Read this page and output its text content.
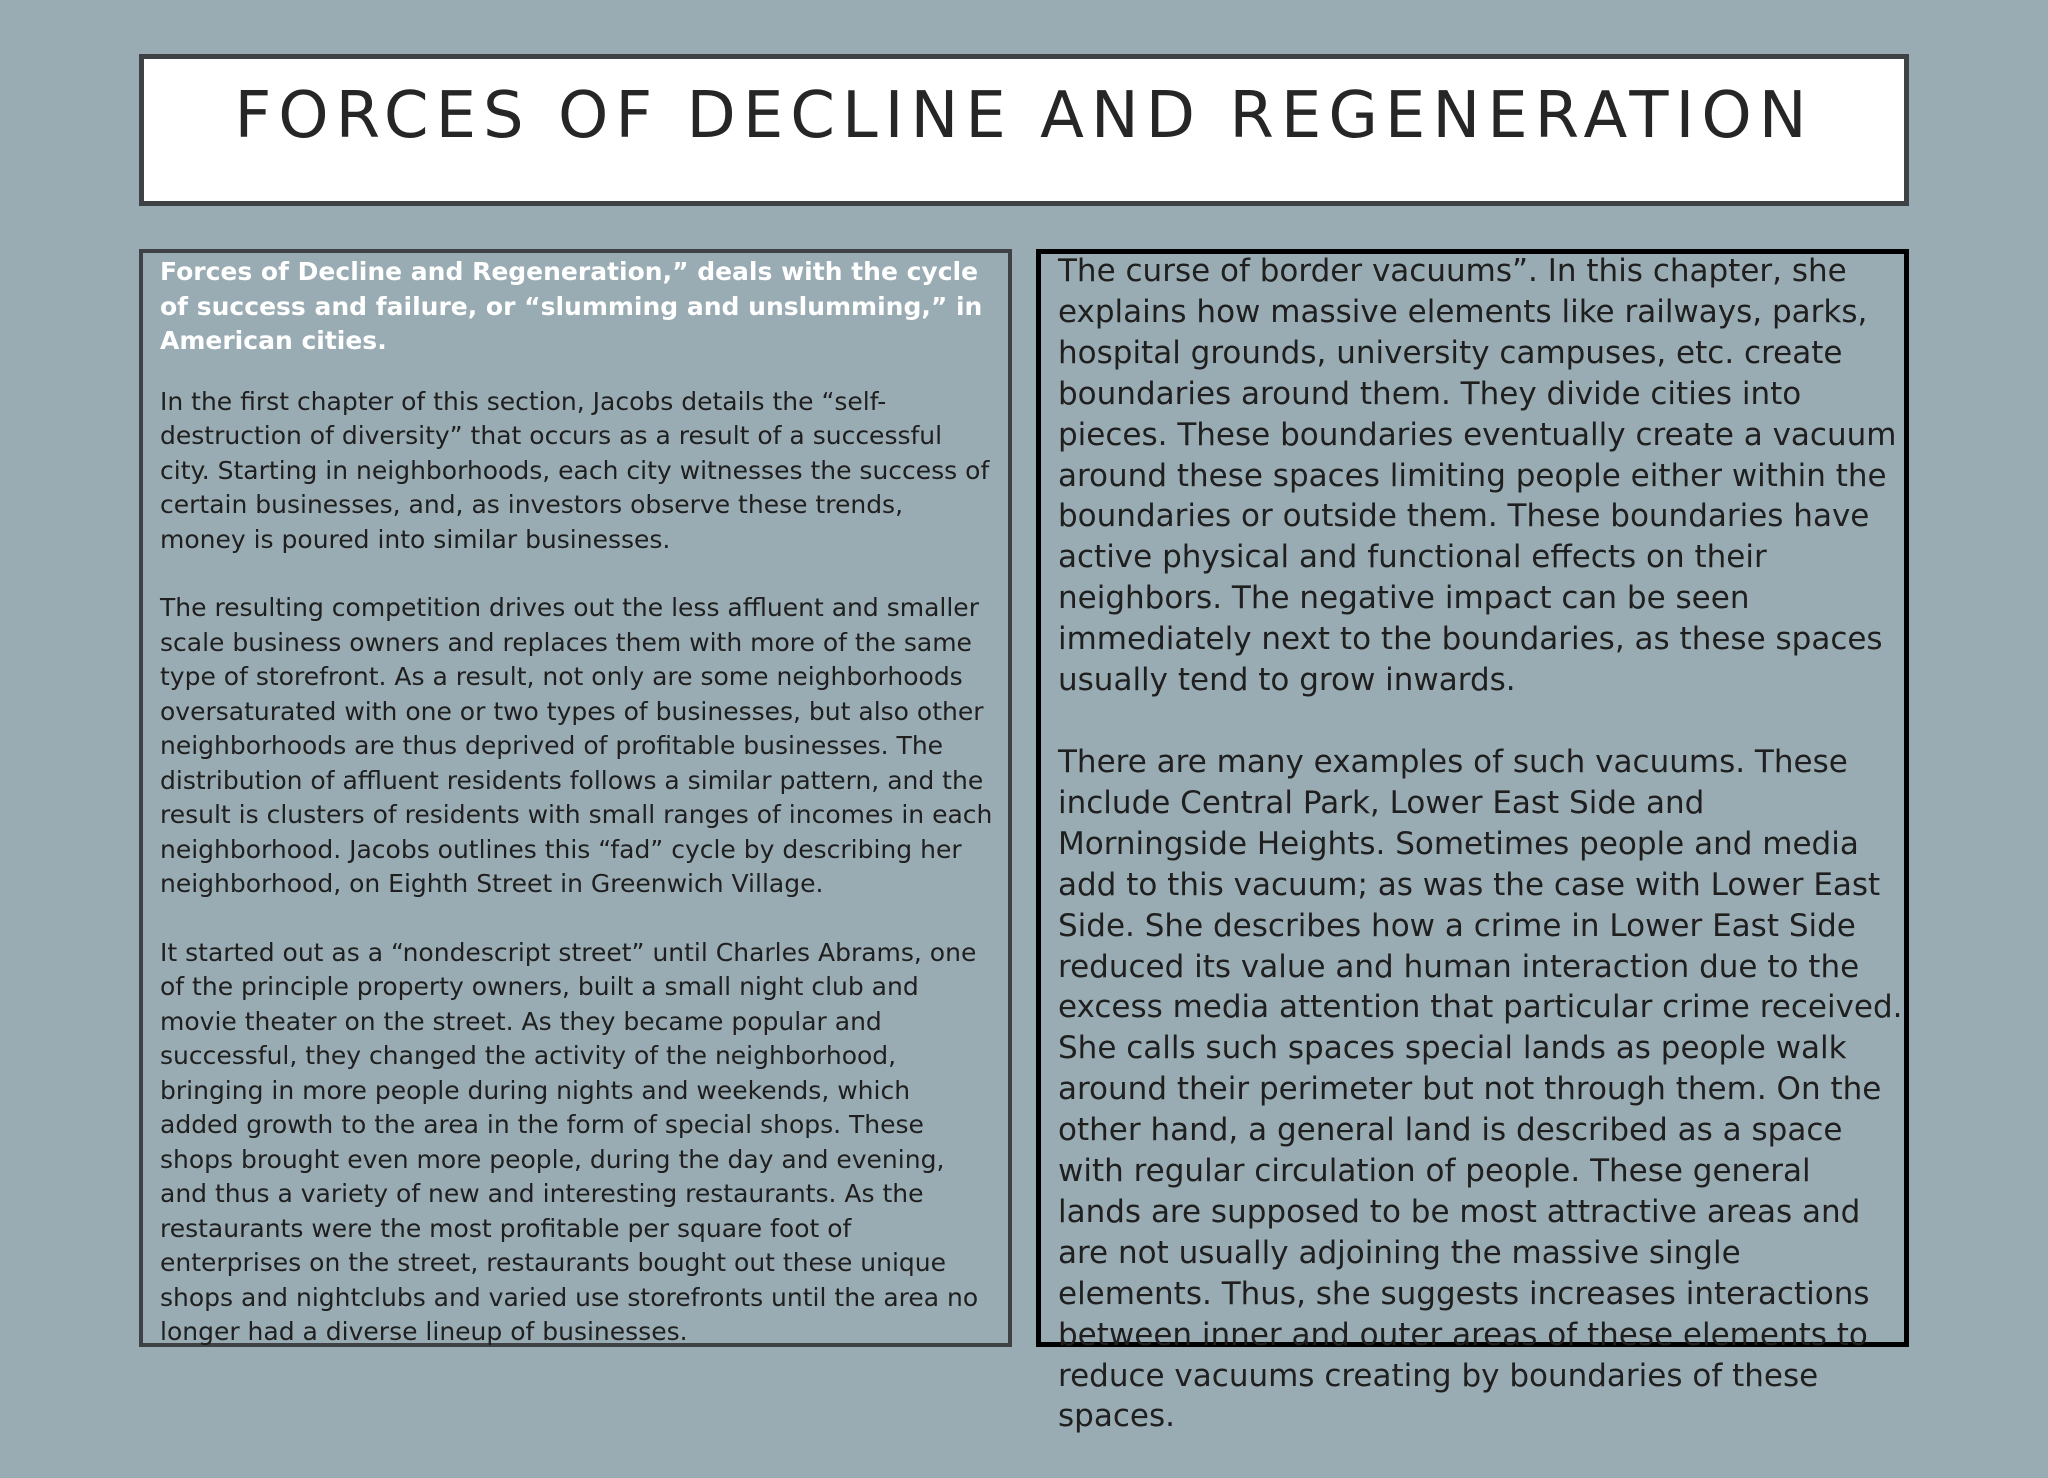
FORCES OF DECLINE AND REGENERATION

Forces of Decline and Regeneration,” deals with the cycle of success and failure, or “slumming and unslumming,” in American cities.

In the first chapter of this section, Jacobs details the “self-destruction of diversity” that occurs as a result of a successful city. Starting in neighborhoods, each city witnesses the success of certain businesses, and, as investors observe these trends, money is poured into similar businesses.

The resulting competition drives out the less affluent and smaller scale business owners and replaces them with more of the same type of storefront. As a result, not only are some neighborhoods oversaturated with one or two types of businesses, but also other neighborhoods are thus deprived of profitable businesses. The distribution of affluent residents follows a similar pattern, and the result is clusters of residents with small ranges of incomes in each neighborhood. Jacobs outlines this “fad” cycle by describing her neighborhood, on Eighth Street in Greenwich Village.

It started out as a “nondescript street” until Charles Abrams, one of the principle property owners, built a small night club and movie theater on the street. As they became popular and successful, they changed the activity of the neighborhood, bringing in more people during nights and weekends, which added growth to the area in the form of special shops. These shops brought even more people, during the day and evening, and thus a variety of new and interesting restaurants. As the restaurants were the most profitable per square foot of enterprises on the street, restaurants bought out these unique shops and nightclubs and varied use storefronts until the area no longer had a diverse lineup of businesses.

The curse of border vacuums”. In this chapter, she explains how massive elements like railways, parks, hospital grounds, university campuses, etc. create boundaries around them. They divide cities into pieces. These boundaries eventually create a vacuum around these spaces limiting people either within the boundaries or outside them. These boundaries have active physical and functional effects on their neighbors. The negative impact can be seen immediately next to the boundaries, as these spaces usually tend to grow inwards.

There are many examples of such vacuums. These include Central Park, Lower East Side and Morningside Heights. Sometimes people and media add to this vacuum; as was the case with Lower East Side. She describes how a crime in Lower East Side reduced its value and human interaction due to the excess media attention that particular crime received. She calls such spaces special lands as people walk around their perimeter but not through them. On the other hand, a general land is described as a space with regular circulation of people. These general lands are supposed to be most attractive areas and are not usually adjoining the massive single elements. Thus, she suggests increases interactions between inner and outer areas of these elements to reduce vacuums creating by boundaries of these spaces.
